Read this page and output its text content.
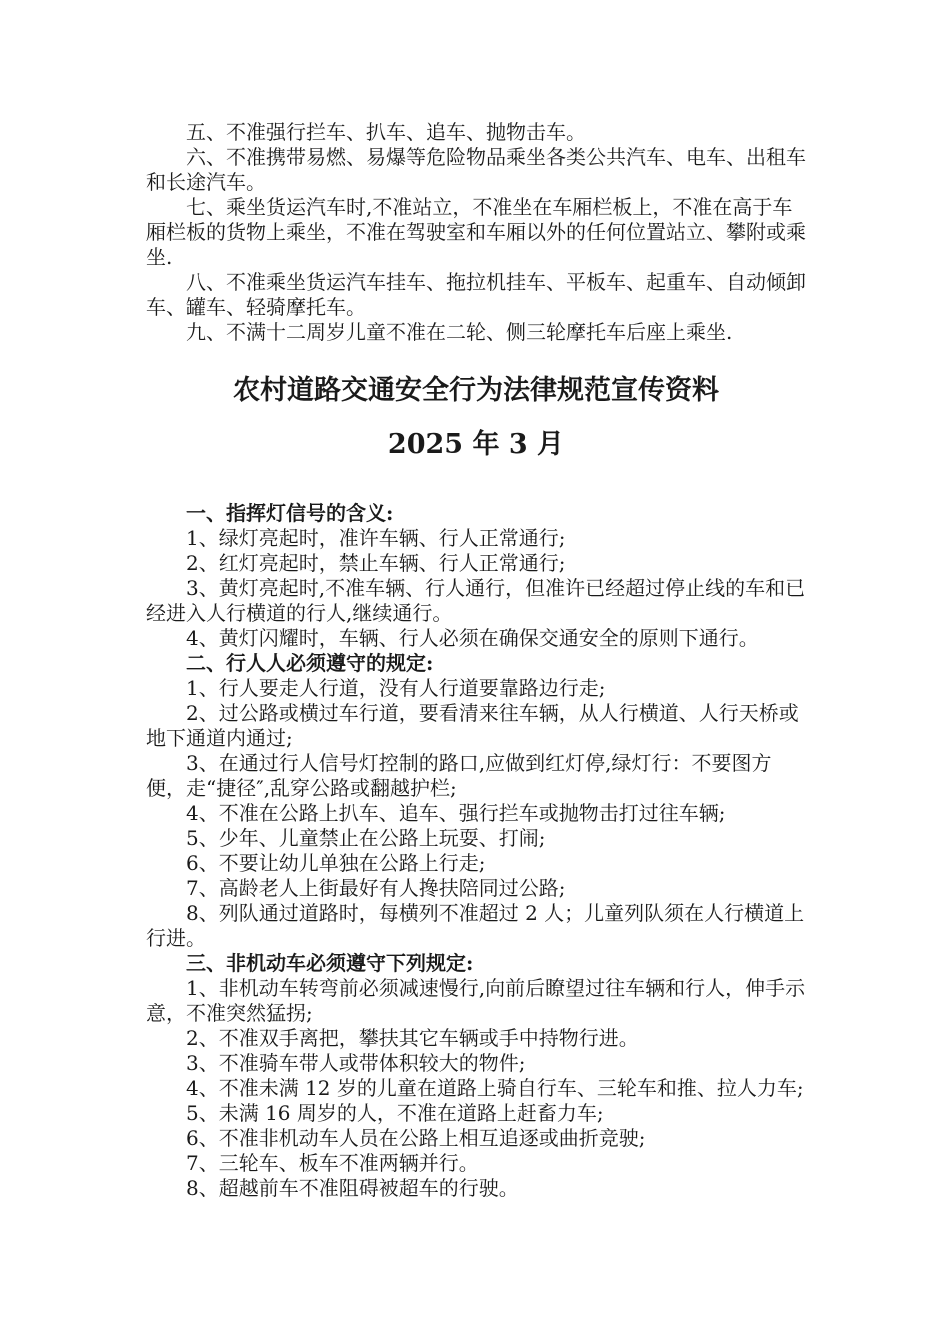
五、不准强行拦车、扒车、追车、抛物击车。

六、不准携带易燃、易爆等危险物品乘坐各类公共汽车、电车、出租车和长途汽车。

七、乘坐货运汽车时,不准站立，不准坐在车厢栏板上，不准在高于车厢栏板的货物上乘坐，不准在驾驶室和车厢以外的任何位置站立、攀附或乘坐.

八、不准乘坐货运汽车挂车、拖拉机挂车、平板车、起重车、自动倾卸车、罐车、轻骑摩托车。

九、不满十二周岁儿童不准在二轮、侧三轮摩托车后座上乘坐.

农村道路交通安全行为法律规范宣传资料
2025 年 3 月

一、指挥灯信号的含义:

1、绿灯亮起时，准许车辆、行人正常通行;

2、红灯亮起时，禁止车辆、行人正常通行;

3、黄灯亮起时,不准车辆、行人通行，但准许已经超过停止线的车和已经进入人行横道的行人,继续通行。

4、黄灯闪耀时，车辆、行人必须在确保交通安全的原则下通行。

二、行人人必须遵守的规定:

1、行人要走人行道，没有人行道要靠路边行走;

2、过公路或横过车行道，要看清来往车辆，从人行横道、人行天桥或地下通道内通过;

3、在通过行人信号灯控制的路口,应做到红灯停,绿灯行：不要图方便，走“捷径″,乱穿公路或翻越护栏;

4、不准在公路上扒车、追车、强行拦车或抛物击打过往车辆;

5、少年、儿童禁止在公路上玩耍、打闹;

6、不要让幼儿单独在公路上行走;

7、高龄老人上街最好有人搀扶陪同过公路;

8、列队通过道路时，每横列不准超过 2 人；儿童列队须在人行横道上行进。

三、非机动车必须遵守下列规定:

1、非机动车转弯前必须减速慢行,向前后瞭望过往车辆和行人，伸手示意，不准突然猛拐;

2、不准双手离把，攀扶其它车辆或手中持物行进。

3、不准骑车带人或带体积较大的物件;

4、不准未满 12 岁的儿童在道路上骑自行车、三轮车和推、拉人力车;

5、未满 16 周岁的人，不准在道路上赶畜力车;

6、不准非机动车人员在公路上相互追逐或曲折竞驶;

7、三轮车、板车不准两辆并行。

8、超越前车不准阻碍被超车的行驶。
